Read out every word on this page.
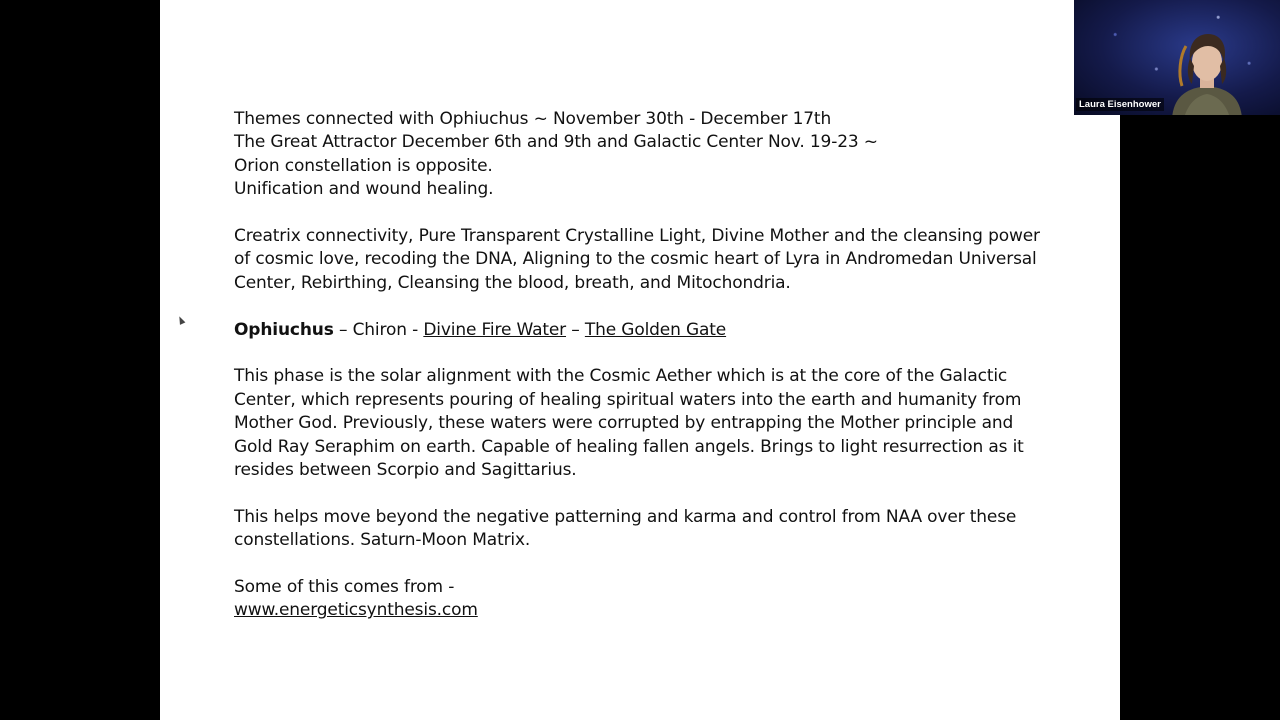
Themes connected with Ophiuchus ~ November 30th - December 17th

The Great Attractor December 6th and 9th and Galactic Center Nov. 19-23 ~

Orion constellation is opposite.

Unification and wound healing.

Creatrix connectivity, Pure Transparent Crystalline Light, Divine Mother and the cleansing power of cosmic love, recoding the DNA, Aligning to the cosmic heart of Lyra in Andromedan Universal Center, Rebirthing, Cleansing the blood, breath, and Mitochondria.

Ophiuchus – Chiron - Divine Fire Water – The Golden Gate

This phase is the solar alignment with the Cosmic Aether which is at the core of the Galactic Center, which represents pouring of healing spiritual waters into the earth and humanity from Mother God. Previously, these waters were corrupted by entrapping the Mother principle and Gold Ray Seraphim on earth. Capable of healing fallen angels. Brings to light resurrection as it resides between Scorpio and Sagittarius.

This helps move beyond the negative patterning and karma and control from NAA over these constellations. Saturn-Moon Matrix.

Some of this comes from -

www.energeticsynthesis.com

Laura Eisenhower
